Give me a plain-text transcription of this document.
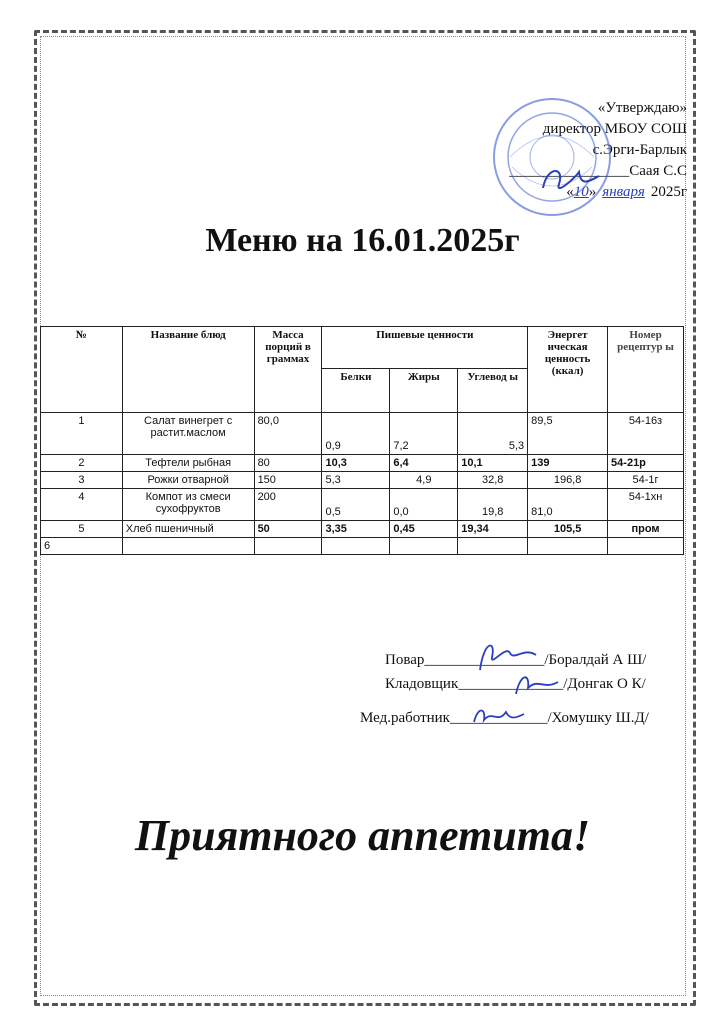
«Утверждаю»
директор МБОУ СОШ
с.Эрги-Барлык
________________Саая С.С
«10» января 2025г
Меню на 16.01.2025г
№	Название блюд	Масса порций в граммах	Пишевые ценности			Энергет ическая ценность (ккал)	Номер рецептур ы
			Белки	Жиры	Углевод ы		
1	Салат винегрет с растит.маслом	80,0	0,9	7,2	5,3	89,5	54-16з
2	Тефтели рыбная	80	10,3	6,4	10,1	139	54-21р
3	Рожки отварной	150	5,3	4,9	32,8	196,8	54-1г
4	Компот из смеси сухофруктов	200	0,5	0,0	19,8	81,0	54-1хн
5	Хлеб пшеничный	50	3,35	0,45	19,34	105,5	пром
6							
Повар________________/Боралдай А Ш/
Кладовщик______________/Донгак О К/
Мед.работник_____________/Хомушку Ш.Д/
Приятного аппетита!
